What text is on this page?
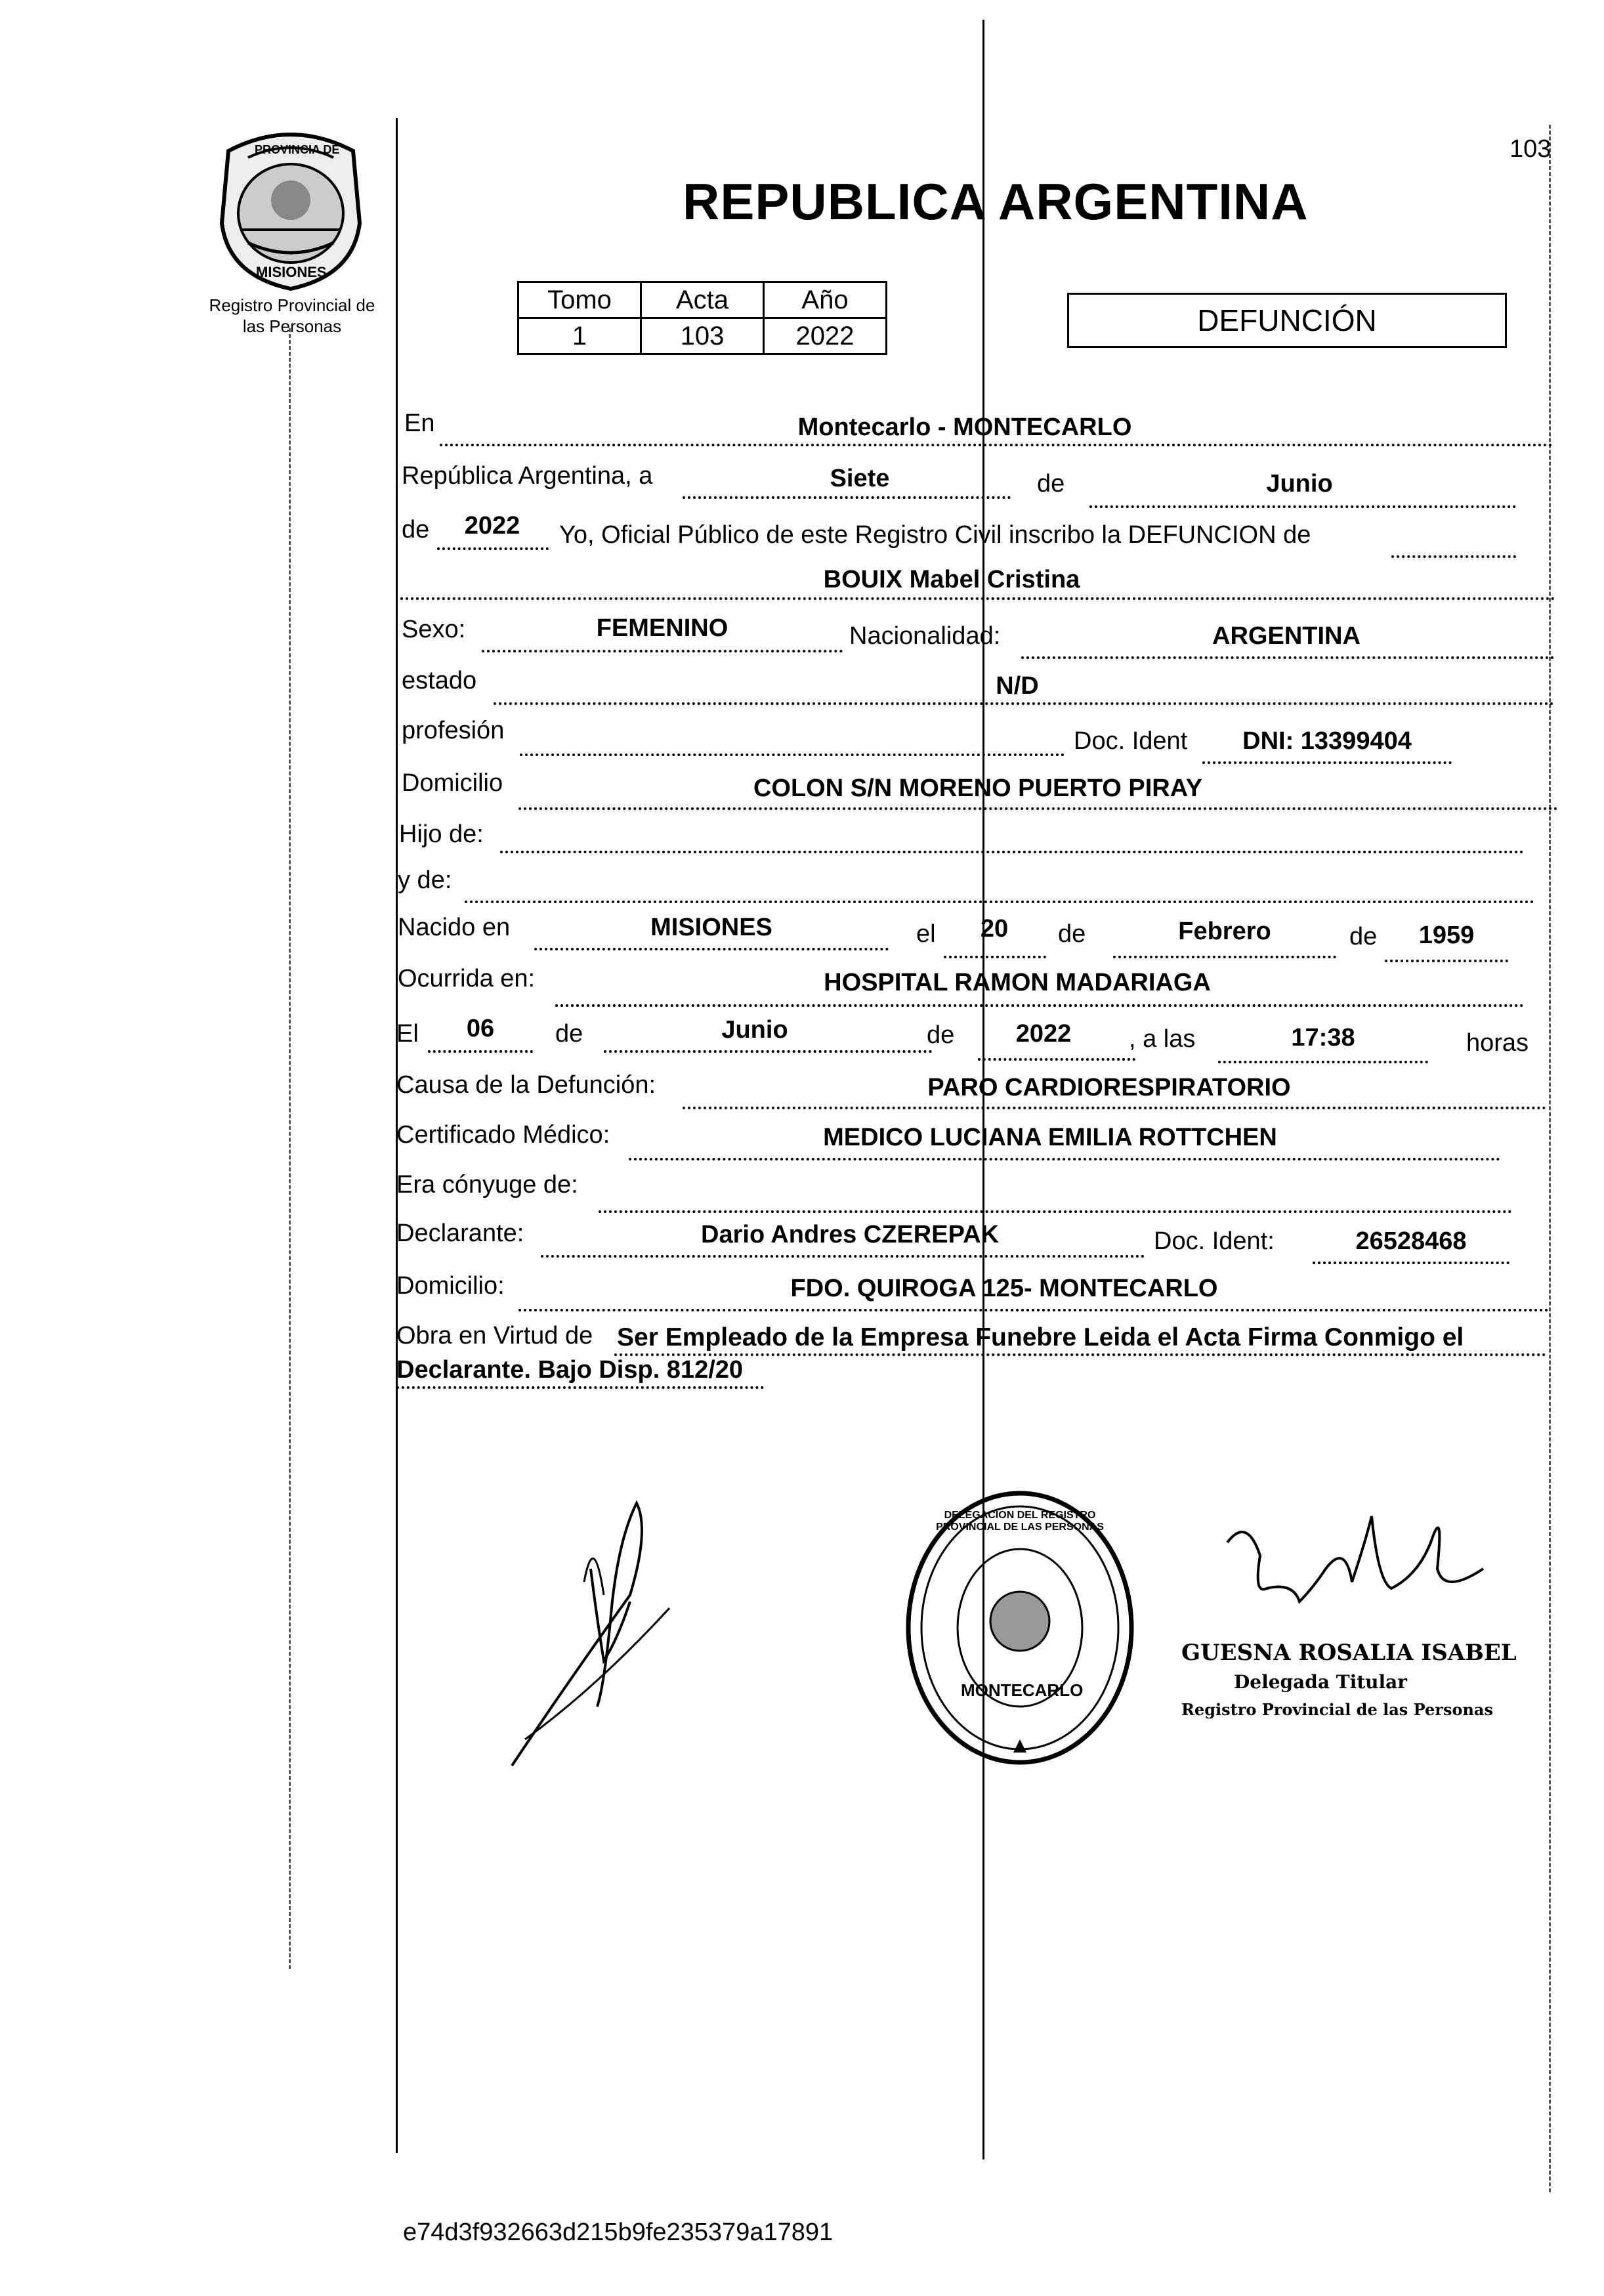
PROVINCIA DE
MISIONES
Registro Provincial de
las Personas
103
REPUBLICA ARGENTINA
Tomo	Acta	Año
1	103	2022	DEFUNCIÓN
En	Montecarlo - MONTECARLO
República Argentina, a	Siete	de	Junio
de	2022	Yo, Oficial Público de este Registro Civil inscribo la DEFUNCION de
BOUIX Mabel Cristina
Sexo:	FEMENINO	Nacionalidad:	ARGENTINA
estado	N/D
profesión	Doc. Ident	DNI: 13399404
Domicilio	COLON S/N MORENO PUERTO PIRAY
Hijo de:
y de:
Nacido en	MISIONES	el	20	de	Febrero	de	1959
Ocurrida en:	HOSPITAL RAMON MADARIAGA
El	06	de	Junio	de	2022	, a las	17:38	horas
Causa de la Defunción:	PARO CARDIORESPIRATORIO
Certificado Médico:	MEDICO LUCIANA EMILIA ROTTCHEN
Era cónyuge de:
Declarante:	Dario Andres CZEREPAK	Doc. Ident:	26528468
Domicilio:	FDO. QUIROGA 125- MONTECARLO
Obra en Virtud de Ser Empleado de la Empresa Funebre Leida el Acta Firma Conmigo el
Declarante. Bajo Disp. 812/20
DELEGACION DEL REGISTRO PROVINCIAL DE LAS PERSONAS
MONTECARLO
GUESNA ROSALIA ISABEL
Delegada Titular
Registro Provincial de las Personas
e74d3f932663d215b9fe235379a17891
